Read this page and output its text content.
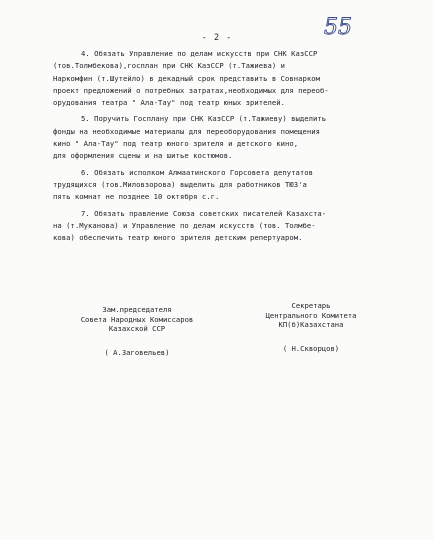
55
- 2 -
4. Обязать Управление по делам искусств при СНК КазССР
(тов.Толмбекова),госплан при СНК КазССР (т.Тажиева) и
Наркомфин (т.Шутейло) в декадный срок представить в Совнарком
проект предложений о потребных затратах,необходимых для переоб-
орудования театра " Ала-Тау" под театр юных зрителей.
5. Поручить Госплану при СНК КазССР (т.Тажиеву) выделить
фонды на необходимые материалы для переоборудования помещения
кино " Ала-Тау" под театр юного зрителя и детского кино,
для оформления сцены и на шитье костюмов.
6. Обязать исполком Алмаатинского Горсовета депутатов
трудящихся (тов.Миловзорова) выделить для работников ТЮЗ'а
пять комнат не позднее 10 октября с.г.
7. Обязать правление Союза советских писателей Казахста-
на (т.Муканова) и Управление по делам искусств (тов. Толмбе-
кова) обеспечить театр юного зрителя детским репертуаром.
Зам.председателя
Совета Народных Комиссаров
Казахской ССР
( А.Заговельев)
Секретарь
Центрального Комитета
КП(б)Казахстана
( Н.Скворцов)
